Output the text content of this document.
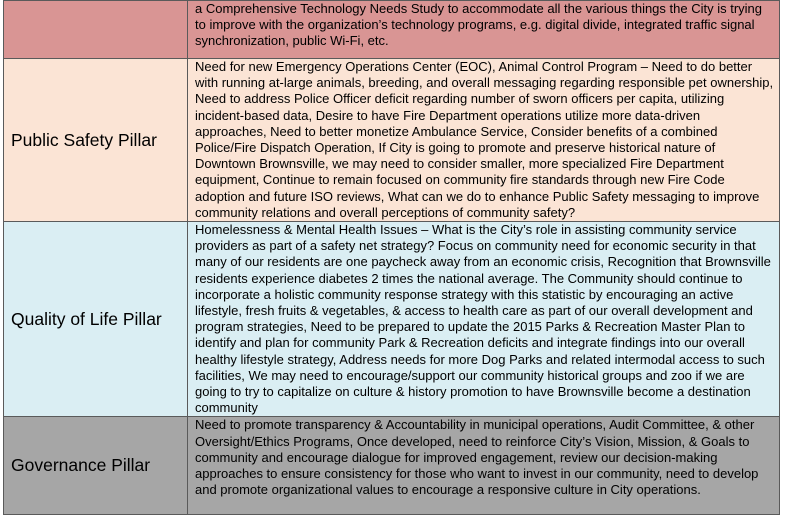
	a Comprehensive Technology Needs Study to accommodate all the various things the City is trying to improve with the organization’s technology programs, e.g. digital divide, integrated traffic signal synchronization, public Wi-Fi, etc.
Public Safety Pillar	Need for new Emergency Operations Center (EOC), Animal Control Program – Need to do better with running at-large animals, breeding, and overall messaging regarding responsible pet ownership, Need to address Police Officer deficit regarding number of sworn officers per capita, utilizing incident-based data, Desire to have Fire Department operations utilize more data-driven approaches, Need to better monetize Ambulance Service, Consider benefits of a combined Police/Fire Dispatch Operation, If City is going to promote and preserve historical nature of Downtown Brownsville, we may need to consider smaller, more specialized Fire Department equipment, Continue to remain focused on community fire standards through new Fire Code adoption and future ISO reviews, What can we do to enhance Public Safety messaging to improve community relations and overall perceptions of community safety?
Quality of Life Pillar	Homelessness & Mental Health Issues – What is the City’s role in assisting community service providers as part of a safety net strategy? Focus on community need for economic security in that many of our residents are one paycheck away from an economic crisis, Recognition that Brownsville residents experience diabetes 2 times the national average. The Community should continue to incorporate a holistic community response strategy with this statistic by encouraging an active lifestyle, fresh fruits & vegetables, & access to health care as part of our overall development and program strategies, Need to be prepared to update the 2015 Parks & Recreation Master Plan to identify and plan for community Park & Recreation deficits and integrate findings into our overall healthy lifestyle strategy, Address needs for more Dog Parks and related intermodal access to such facilities, We may need to encourage/support our community historical groups and zoo if we are going to try to capitalize on culture & history promotion to have Brownsville become a destination community
Governance Pillar	Need to promote transparency & Accountability in municipal operations, Audit Committee, & other Oversight/Ethics Programs, Once developed, need to reinforce City’s Vision, Mission, & Goals to community and encourage dialogue for improved engagement, review our decision-making approaches to ensure consistency for those who want to invest in our community, need to develop and promote organizational values to encourage a responsive culture in City operations.
